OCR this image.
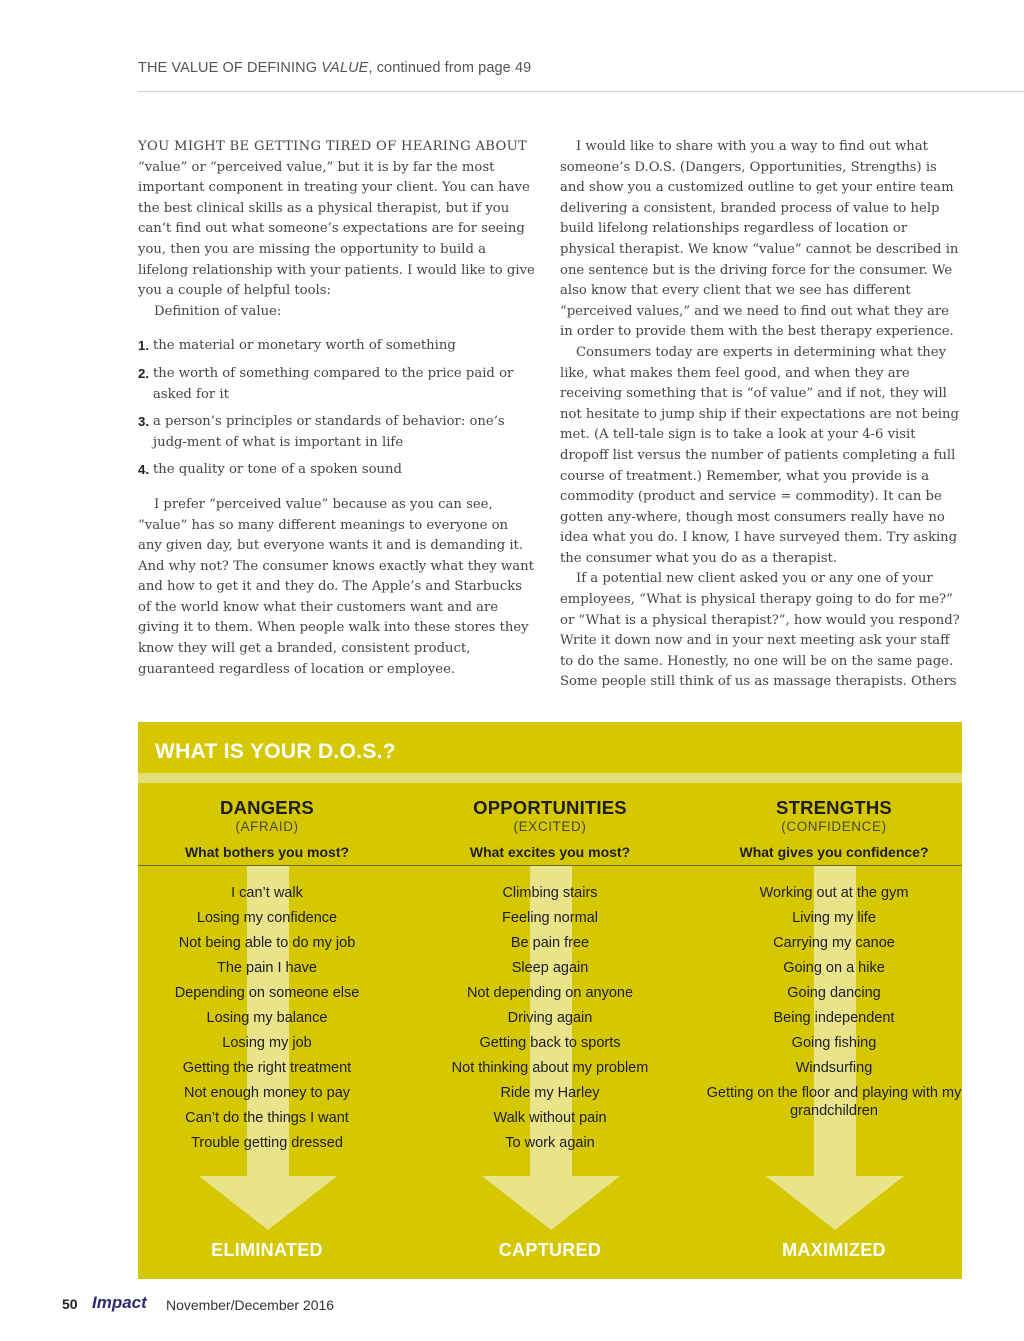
THE VALUE OF DEFINING VALUE, continued from page 49

YOU MIGHT BE GETTING TIRED OF HEARING ABOUT “value” or “perceived value,” but it is by far the most important component in treating your client. You can have the best clinical skills as a physical therapist, but if you can’t find out what someone’s expectations are for seeing you, then you are missing the opportunity to build a lifelong relationship with your patients. I would like to give you a couple of helpful tools:

Definition of value:

1. the material or monetary worth of something
2. the worth of something compared to the price paid or asked for it
3. a person’s principles or standards of behavior: one’s judg-ment of what is important in life
4. the quality or tone of a spoken sound

I prefer “perceived value” because as you can see, “value” has so many different meanings to everyone on any given day, but everyone wants it and is demanding it. And why not? The consumer knows exactly what they want and how to get it and they do. The Apple’s and Starbucks of the world know what their customers want and are giving it to them. When people walk into these stores they know they will get a branded, consistent product, guaranteed regardless of location or employee.

I would like to share with you a way to find out what someone’s D.O.S. (Dangers, Opportunities, Strengths) is and show you a customized outline to get your entire team delivering a consistent, branded process of value to help build lifelong relationships regardless of location or physical therapist. We know “value” cannot be described in one sentence but is the driving force for the consumer. We also know that every client that we see has different “perceived values,” and we need to find out what they are in order to provide them with the best therapy experience.

Consumers today are experts in determining what they like, what makes them feel good, and when they are receiving something that is “of value” and if not, they will not hesitate to jump ship if their expectations are not being met. (A tell-tale sign is to take a look at your 4-6 visit dropoff list versus the number of patients completing a full course of treatment.) Remember, what you provide is a commodity (product and service = commodity). It can be gotten any-where, though most consumers really have no idea what you do. I know, I have surveyed them. Try asking the consumer what you do as a therapist.

If a potential new client asked you or any one of your employees, “What is physical therapy going to do for me?” or “What is a physical therapist?”, how would you respond? Write it down now and in your next meeting ask your staff to do the same. Honestly, no one will be on the same page. Some people still think of us as massage therapists. Others

WHAT IS YOUR D.O.S.?
DANGERS
(AFRAID)
What bothers you most?
I can’t walk
Losing my confidence
Not being able to do my job
The pain I have
Depending on someone else
Losing my balance
Losing my job
Getting the right treatment
Not enough money to pay
Can’t do the things I want
Trouble getting dressed
ELIMINATED
OPPORTUNITIES
(EXCITED)
What excites you most?
Climbing stairs
Feeling normal
Be pain free
Sleep again
Not depending on anyone
Driving again
Getting back to sports
Not thinking about my problem
Ride my Harley
Walk without pain
To work again
CAPTURED
STRENGTHS
(CONFIDENCE)
What gives you confidence?
Working out at the gym
Living my life
Carrying my canoe
Going on a hike
Going dancing
Being independent
Going fishing
Windsurfing
Getting on the floor and playing with my grandchildren
MAXIMIZED
50 Impact November/December 2016
